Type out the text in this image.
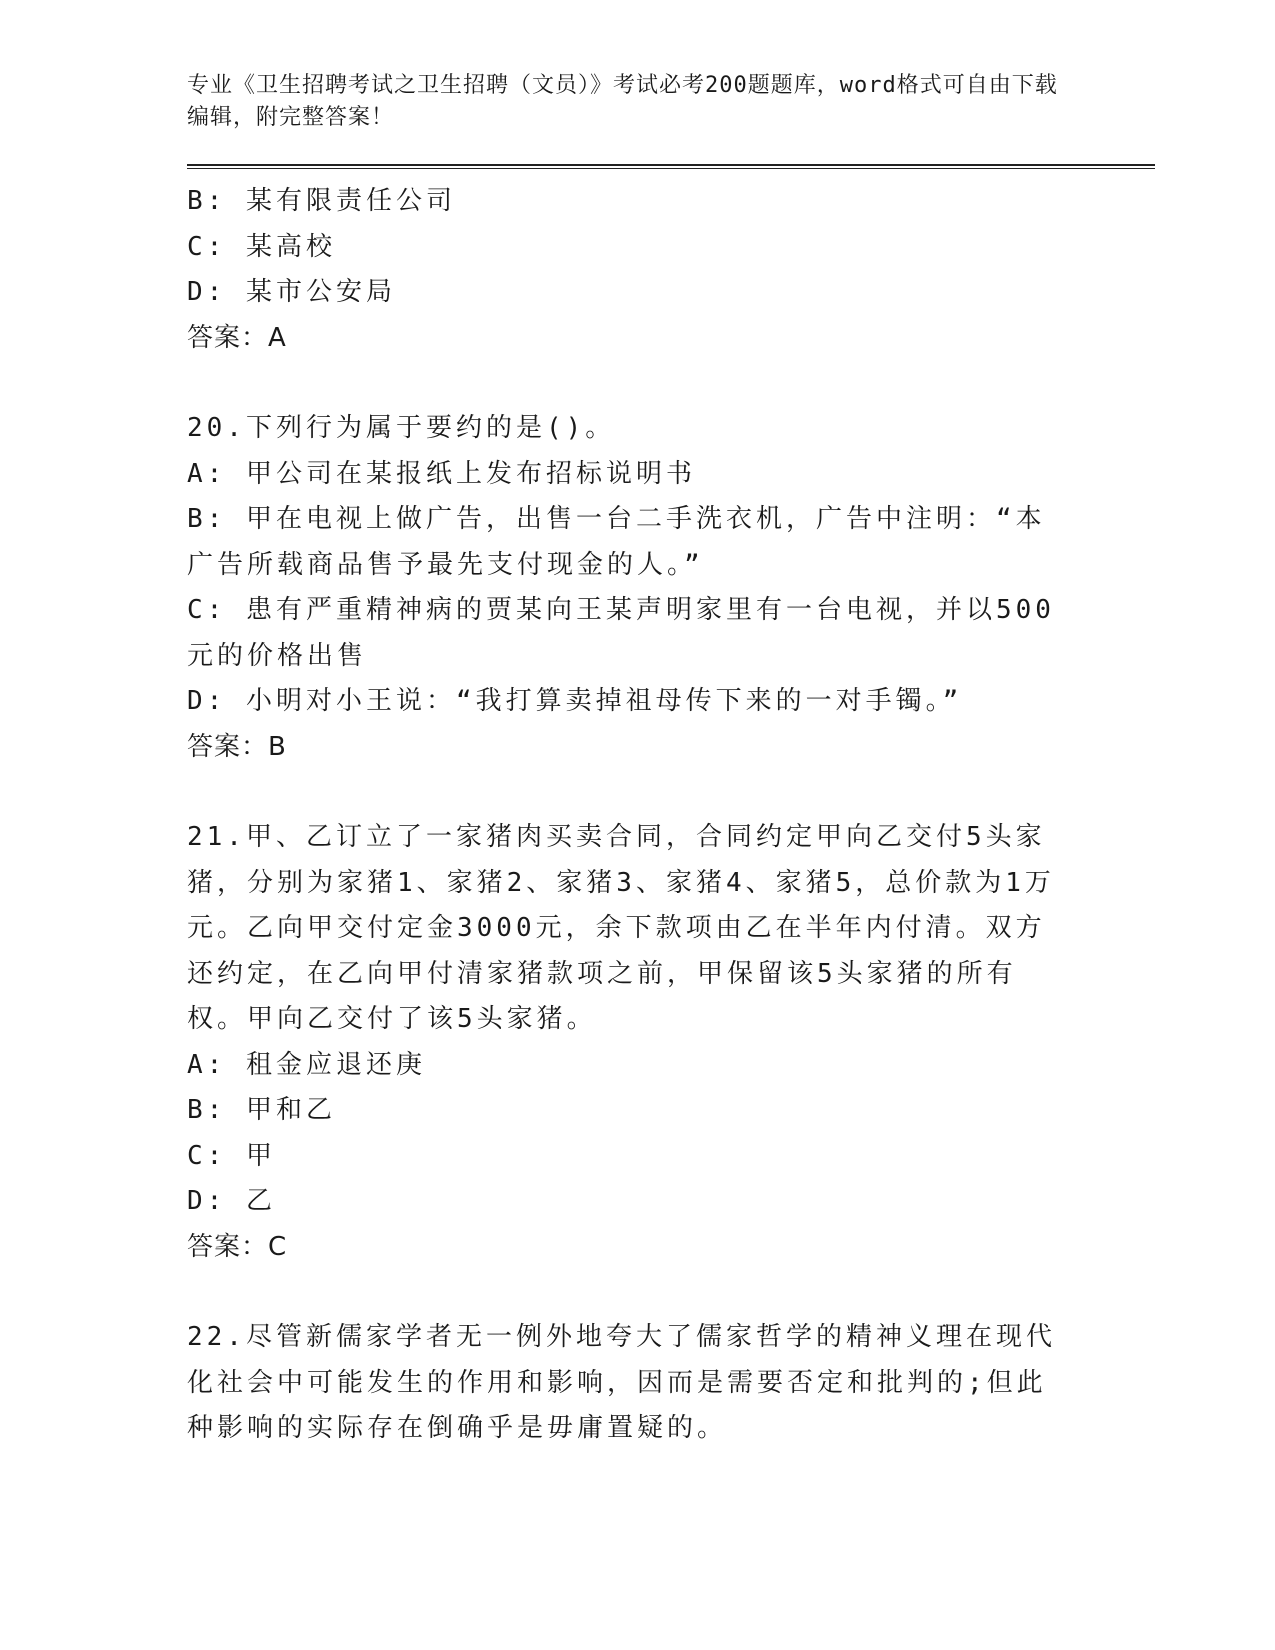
专业《卫生招聘考试之卫生招聘（文员）》考试必考200题题库，word格式可自由下载编辑，附完整答案！

B: 某有限责任公司

C: 某高校

D: 某市公安局

答案：A

20.下列行为属于要约的是()。

A: 甲公司在某报纸上发布招标说明书

B: 甲在电视上做广告，出售一台二手洗衣机，广告中注明：“本广告所载商品售予最先支付现金的人。”

C: 患有严重精神病的贾某向王某声明家里有一台电视，并以500元的价格出售

D: 小明对小王说：“我打算卖掉祖母传下来的一对手镯。”

答案：B

21.甲、乙订立了一家猪肉买卖合同，合同约定甲向乙交付5头家猪，分别为家猪1、家猪2、家猪3、家猪4、家猪5，总价款为1万元。乙向甲交付定金3000元，余下款项由乙在半年内付清。双方还约定，在乙向甲付清家猪款项之前，甲保留该5头家猪的所有权。甲向乙交付了该5头家猪。

A: 租金应退还庚

B: 甲和乙

C: 甲

D: 乙

答案：C

22.尽管新儒家学者无一例外地夸大了儒家哲学的精神义理在现代化社会中可能发生的作用和影响，因而是需要否定和批判的;但此种影响的实际存在倒确乎是毋庸置疑的。
